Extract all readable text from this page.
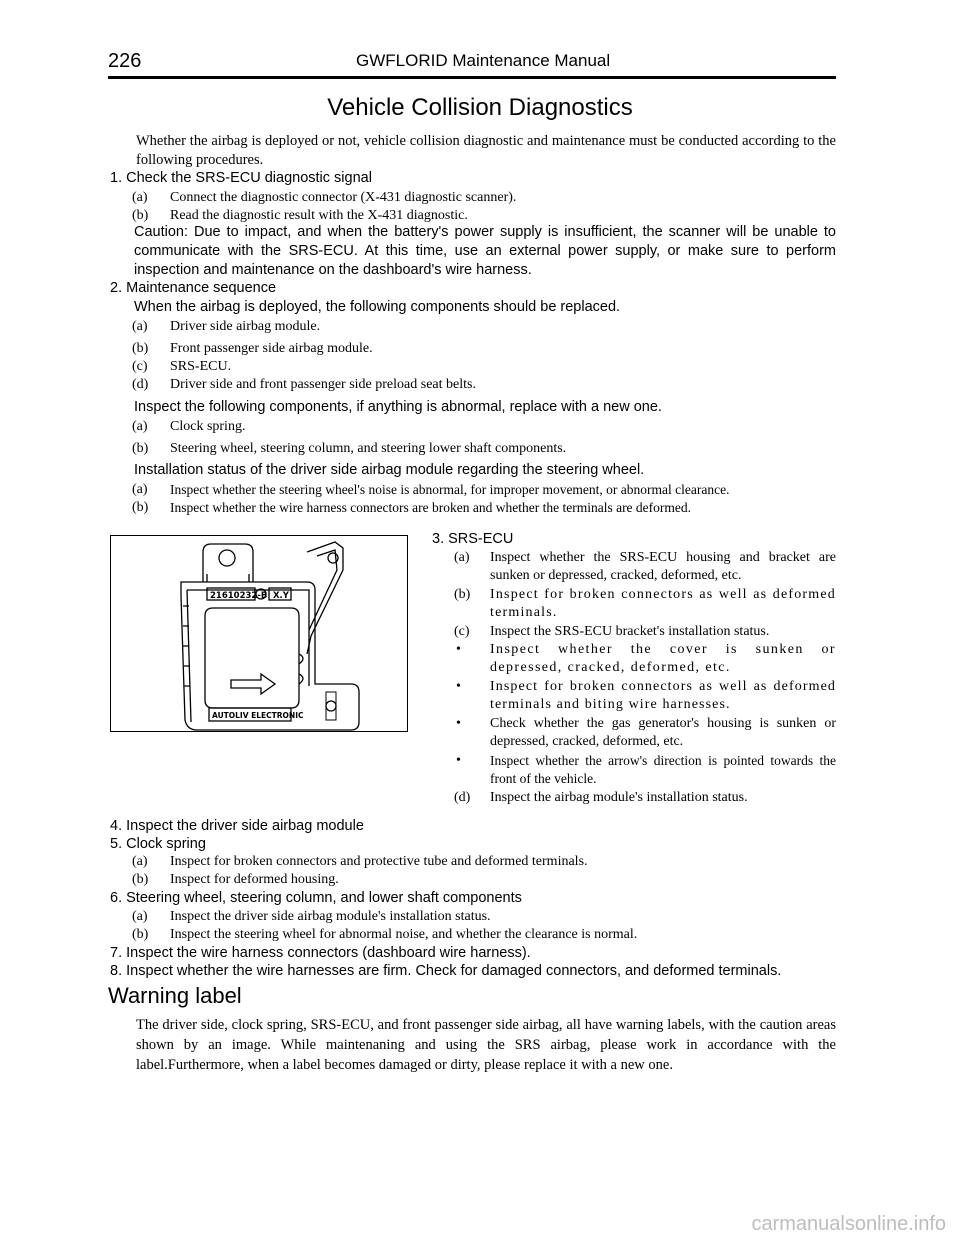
226	GWFLORID Maintenance Manual
Vehicle Collision Diagnostics
Whether the airbag is deployed or not, vehicle collision diagnostic and maintenance must be conducted according to the following procedures.
1. Check the SRS-ECU diagnostic signal
(a) Connect the diagnostic connector (X-431 diagnostic scanner).
(b) Read the diagnostic result with the X-431 diagnostic.
Caution: Due to impact, and when the battery's power supply is insufficient, the scanner will be unable to communicate with the SRS-ECU. At this time, use an external power supply, or make sure to perform inspection and maintenance on the dashboard's wire harness.
2. Maintenance sequence
When the airbag is deployed, the following components should be replaced.
(a) Driver side airbag module.
(b) Front passenger side airbag module.
(c) SRS-ECU.
(d) Driver side and front passenger side preload seat belts.
Inspect the following components, if anything is abnormal, replace with a new one.
(a) Clock spring.
(b) Steering wheel, steering column, and steering lower shaft components.
Installation status of the driver side airbag module regarding the steering wheel.
(a) Inspect whether the steering wheel's noise is abnormal, for improper movement, or abnormal clearance.
(b) Inspect whether the wire harness connectors are broken and whether the terminals are deformed.
21610232-B X.Y
AUTOLIV ELECTRONIC
3. SRS-ECU
(a) Inspect whether the SRS-ECU housing and bracket are sunken or depressed, cracked, deformed, etc.
(b) Inspect for broken connectors as well as deformed terminals.
(c) Inspect the SRS-ECU bracket's installation status.
• Inspect whether the cover is sunken or depressed, cracked, deformed, etc.
• Inspect for broken connectors as well as deformed terminals and biting wire harnesses.
• Check whether the gas generator's housing is sunken or depressed, cracked, deformed, etc.
• Inspect whether the arrow's direction is pointed towards the front of the vehicle.
(d) Inspect the airbag module's installation status.
4. Inspect the driver side airbag module
5. Clock spring
(a) Inspect for broken connectors and protective tube and deformed terminals.
(b) Inspect for deformed housing.
6. Steering wheel, steering column, and lower shaft components
(a) Inspect the driver side airbag module's installation status.
(b) Inspect the steering wheel for abnormal noise, and whether the clearance is normal.
7. Inspect the wire harness connectors (dashboard wire harness).
8. Inspect whether the wire harnesses are firm. Check for damaged connectors, and deformed terminals.
Warning label
The driver side, clock spring, SRS-ECU, and front passenger side airbag, all have warning labels, with the caution areas shown by an image. While maintenaning and using the SRS airbag, please work in accordance with the label.Furthermore, when a label becomes damaged or dirty, please replace it with a new one.
carmanualsonline.info
